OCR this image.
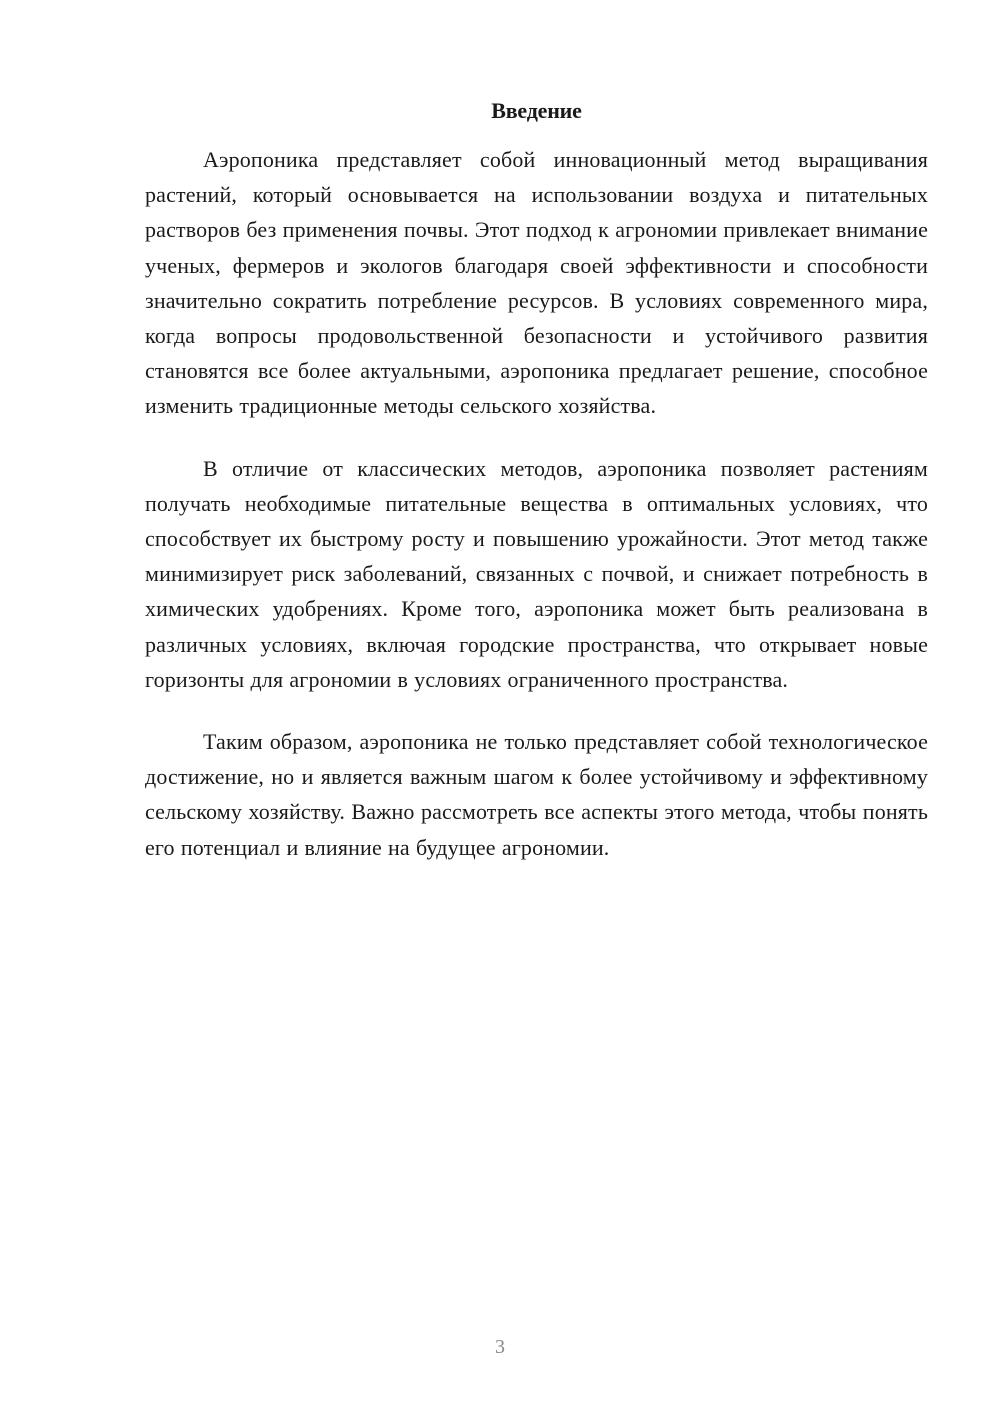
Введение

Аэропоника представляет собой инновационный метод выращивания растений, который основывается на использовании воздуха и питательных растворов без применения почвы. Этот подход к агрономии привлекает внимание ученых, фермеров и экологов благодаря своей эффективности и способности значительно сократить потребление ресурсов. В условиях современного мира, когда вопросы продовольственной безопасности и устойчивого развития становятся все более актуальными, аэропоника предлагает решение, способное изменить традиционные методы сельского хозяйства.

В отличие от классических методов, аэропоника позволяет растениям получать необходимые питательные вещества в оптимальных условиях, что способствует их быстрому росту и повышению урожайности. Этот метод также минимизирует риск заболеваний, связанных с почвой, и снижает потребность в химических удобрениях. Кроме того, аэропоника может быть реализована в различных условиях, включая городские пространства, что открывает новые горизонты для агрономии в условиях ограниченного пространства.

Таким образом, аэропоника не только представляет собой технологическое достижение, но и является важным шагом к более устойчивому и эффективному сельскому хозяйству. Важно рассмотреть все аспекты этого метода, чтобы понять его потенциал и влияние на будущее агрономии.

3
